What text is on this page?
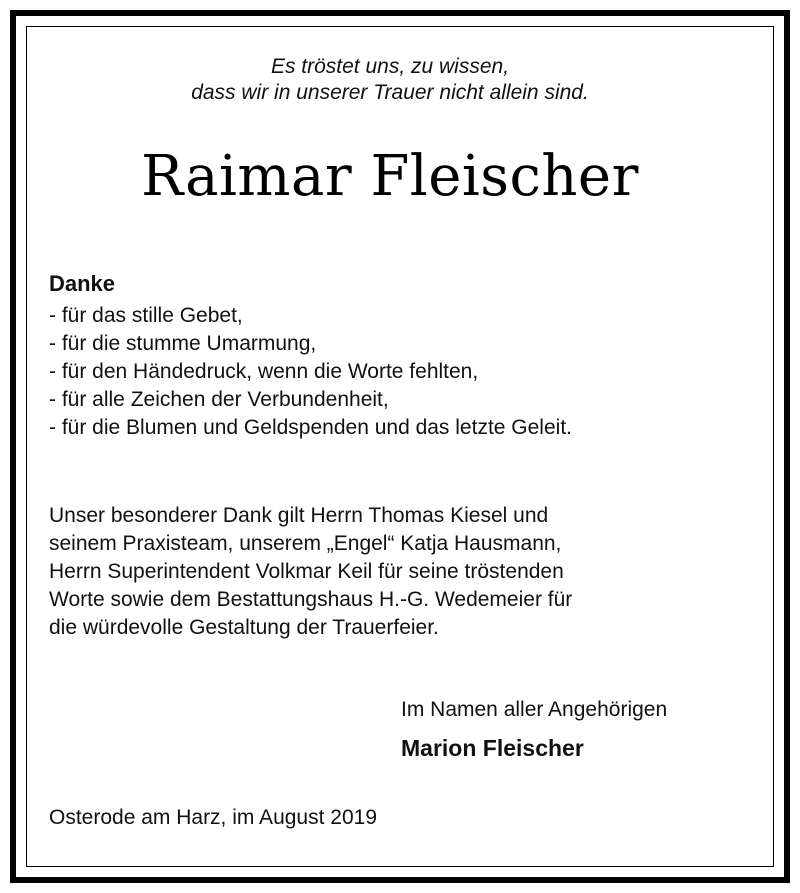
Es tröstet uns, zu wissen,
dass wir in unserer Trauer nicht allein sind.
Raimar Fleischer
Danke
- für das stille Gebet,
- für die stumme Umarmung,
- für den Händedruck, wenn die Worte fehlten,
- für alle Zeichen der Verbundenheit,
- für die Blumen und Geldspenden und das letzte Geleit.
Unser besonderer Dank gilt Herrn Thomas Kiesel und
seinem Praxisteam, unserem „Engel“ Katja Hausmann,
Herrn Superintendent Volkmar Keil für seine tröstenden
Worte sowie dem Bestattungshaus H.-G. Wedemeier für
die würdevolle Gestaltung der Trauerfeier.
Im Namen aller Angehörigen
Marion Fleischer
Osterode am Harz, im August 2019
